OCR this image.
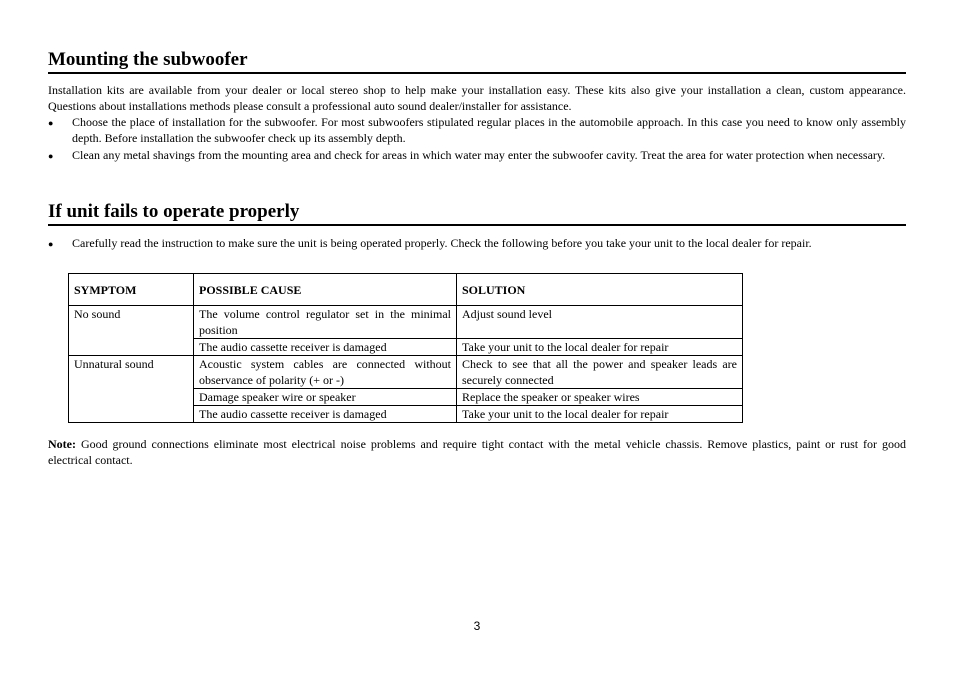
Mounting the subwoofer

Installation kits are available from your dealer or local stereo shop to help make your installation easy. These kits also give your installation a clean, custom appearance. Questions about installations methods please consult a professional auto sound dealer/installer for assistance.

●	Choose the place of installation for the subwoofer. For most subwoofers stipulated regular places in the automobile approach. In this case you need to know only assembly depth. Before installation the subwoofer check up its assembly depth.
●	Clean any metal shavings from the mounting area and check for areas in which water may enter the subwoofer cavity. Treat the area for water protection when necessary.
If unit fails to operate properly
●	Carefully read the instruction to make sure the unit is being operated properly. Check the following before you take your unit to the local dealer for repair.
SYMPTOM	POSSIBLE CAUSE	SOLUTION
No sound	The volume control regulator set in the minimal position	Adjust sound level
	The audio cassette receiver is damaged	Take your unit to the local dealer for repair
Unnatural sound	Acoustic system cables are connected without observance of polarity (+ or -)	Check to see that all the power and speaker leads are securely connected
	Damage speaker wire or speaker	Replace the speaker or speaker wires
	The audio cassette receiver is damaged	Take your unit to the local dealer for repair

Note: Good ground connections eliminate most electrical noise problems and require tight contact with the metal vehicle chassis. Remove plastics, paint or rust for good electrical contact.

3
